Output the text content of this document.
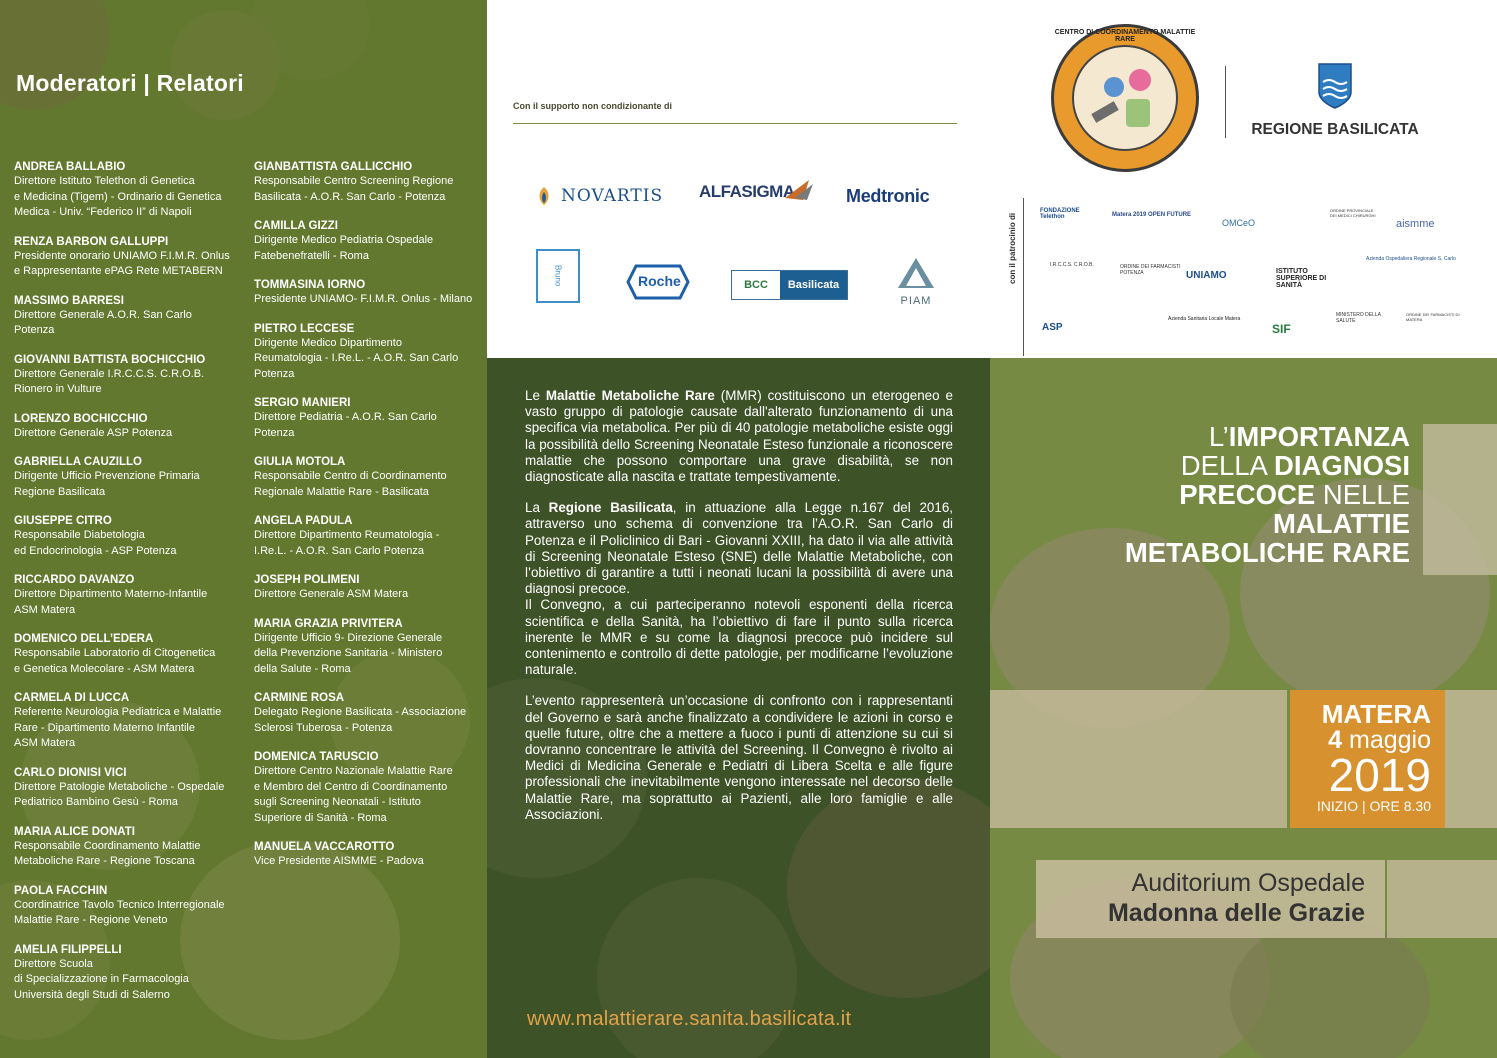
Moderatori | Relatori
ANDREA BALLABIO
Direttore Istituto Telethon di Genetica
e Medicina (Tigem) - Ordinario di Genetica
Medica - Univ. “Federico II” di Napoli
RENZA BARBON GALLUPPI
Presidente onorario UNIAMO F.I.M.R. Onlus
e Rappresentante ePAG Rete METABERN
MASSIMO BARRESI
Direttore Generale A.O.R. San Carlo
Potenza
GIOVANNI BATTISTA BOCHICCHIO
Direttore Generale I.R.C.C.S. C.R.O.B.
Rionero in Vulture
LORENZO BOCHICCHIO
Direttore Generale ASP Potenza
GABRIELLA CAUZILLO
Dirigente Ufficio Prevenzione Primaria
Regione Basilicata
GIUSEPPE CITRO
Responsabile Diabetologia
ed Endocrinologia - ASP Potenza
RICCARDO DAVANZO
Direttore Dipartimento Materno-Infantile
ASM Matera
DOMENICO DELL’EDERA
Responsabile Laboratorio di Citogenetica
e Genetica Molecolare - ASM Matera
CARMELA DI LUCCA
Referente Neurologia Pediatrica e Malattie
Rare - Dipartimento Materno Infantile
ASM Matera
CARLO DIONISI VICI
Direttore Patologie Metaboliche - Ospedale
Pediatrico Bambino Gesù - Roma
MARIA ALICE DONATI
Responsabile Coordinamento Malattie
Metaboliche Rare - Regione Toscana
PAOLA FACCHIN
Coordinatrice Tavolo Tecnico Interregionale
Malattie Rare - Regione Veneto
AMELIA FILIPPELLI
Direttore Scuola
di Specializzazione in Farmacologia
Università degli Studi di Salerno
GIANBATTISTA GALLICCHIO
Responsabile Centro Screening Regione
Basilicata - A.O.R. San Carlo - Potenza
CAMILLA GIZZI
Dirigente Medico Pediatria Ospedale
Fatebenefratelli - Roma
TOMMASINA IORNO
Presidente UNIAMO- F.I.M.R. Onlus - Milano
PIETRO LECCESE
Dirigente Medico Dipartimento
Reumatologia - I.Re.L. - A.O.R. San Carlo
Potenza
SERGIO MANIERI
Direttore Pediatria - A.O.R. San Carlo
Potenza
GIULIA MOTOLA
Responsabile Centro di Coordinamento
Regionale Malattie Rare - Basilicata
ANGELA PADULA
Direttore Dipartimento Reumatologia -
I.Re.L. - A.O.R. San Carlo Potenza
JOSEPH POLIMENI
Direttore Generale ASM Matera
MARIA GRAZIA PRIVITERA
Dirigente Ufficio 9- Direzione Generale
della Prevenzione Sanitaria - Ministero
della Salute - Roma
CARMINE ROSA
Delegato Regione Basilicata - Associazione
Sclerosi Tuberosa - Potenza
DOMENICA TARUSCIO
Direttore Centro Nazionale Malattie Rare
e Membro del Centro di Coordinamento
sugli Screening Neonatali - Istituto
Superiore di Sanità - Roma
MANUELA VACCAROTTO
Vice Presidente AISMME - Padova
Con il supporto non condizionante di
NOVARTIS ALFASIGMA	Medtronic
Bruno	Roche	BCC Basilicata
PIAM
CENTRO DI COORDINAMENTO MALATTIE RARE
REGIONE BASILICATA
con il patrocinio di
FONDAZIONE Telethon	Matera 2019 OPEN FUTURE
OMCeO
ORDINE PROVINCIALE DEI MEDICI CHIRURGHI
aismme
I.R.C.C.S. C.R.O.B.	ORDINE DEI FARMACISTI POTENZA	UNIAMO	ISTITUTO SUPERIORE DI SANITÀ
Azienda Ospedaliera Regionale S. Carlo
ASP
Azienda Sanitaria Locale Matera
SIF
MINISTERO DELLA SALUTE
ORDINE DEI FARMACISTI DI MATERA

Le Malattie Metaboliche Rare (MMR) costituiscono un eterogeneo e vasto gruppo di patologie causate dall'alterato funzionamento di una specifica via metabolica. Per più di 40 patologie metaboliche esiste oggi la possibilità dello Screening Neonatale Esteso funzionale a riconoscere malattie che possono comportare una grave disabilità, se non diagnosticate alla nascita e trattate tempestivamente.

La Regione Basilicata, in attuazione alla Legge n.167 del 2016, attraverso uno schema di convenzione tra l’A.O.R. San Carlo di Potenza e il Policlinico di Bari - Giovanni XXIII, ha dato il via alle attività di Screening Neonatale Esteso (SNE) delle Malattie Metaboliche, con l’obiettivo di garantire a tutti i neonati lucani la possibilità di avere una diagnosi precoce.

Il Convegno, a cui parteciperanno notevoli esponenti della ricerca scientifica e della Sanità, ha l’obiettivo di fare il punto sulla ricerca inerente le MMR e su come la diagnosi precoce può incidere sul contenimento e controllo di dette patologie, per modificarne l’evoluzione naturale.

L’evento rappresenterà un’occasione di confronto con i rappresentanti del Governo e sarà anche finalizzato a condividere le azioni in corso e quelle future, oltre che a mettere a fuoco i punti di attenzione su cui si dovranno concentrare le attività del Screening. Il Convegno è rivolto ai Medici di Medicina Generale e Pediatri di Libera Scelta e alle figure professionali che inevitabilmente vengono interessate nel decorso delle Malattie Rare, ma soprattutto ai Pazienti, alle loro famiglie e alle Associazioni.

www.malattierare.sanita.basilicata.it
L’IMPORTANZA
DELLA DIAGNOSI
PRECOCE NELLE
MALATTIE
METABOLICHE RARE
MATERA
4 maggio
2019
INIZIO | ORE 8.30
Auditorium Ospedale
Madonna delle Grazie
